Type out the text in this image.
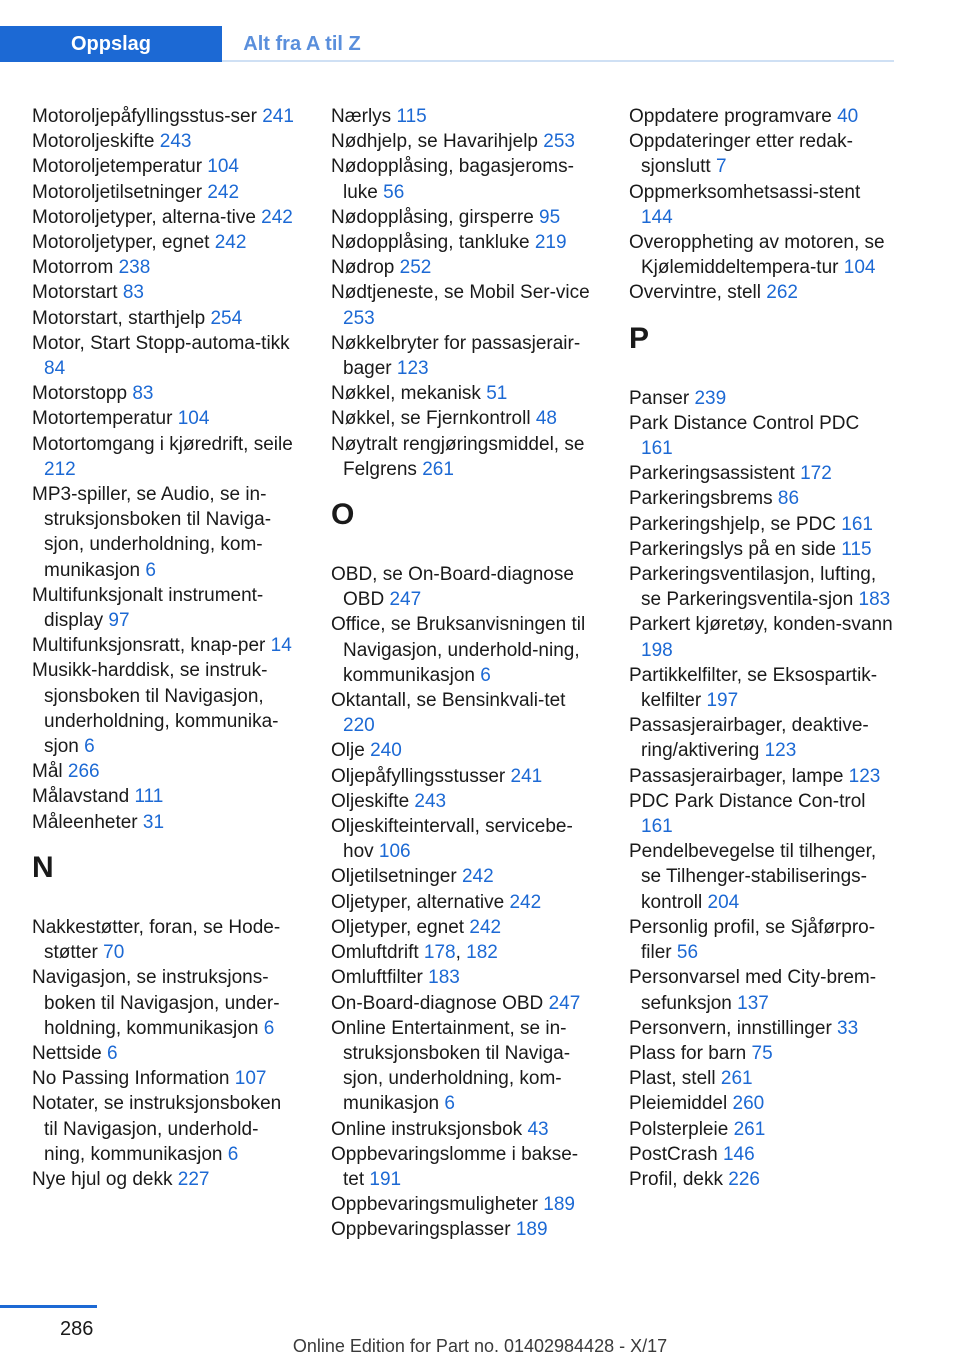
Oppslag	Alt fra A til Z
Motoroljepåfyllingsstus-ser 241
Motoroljeskifte 243
Motoroljetemperatur 104
Motoroljetilsetninger 242
Motoroljetyper, alterna-tive 242
Motoroljetyper, egnet 242
Motorrom 238
Motorstart 83
Motorstart, starthjelp 254
Motor, Start Stopp-automa-tikk 84
Motorstopp 83
Motortemperatur 104
Motortomgang i kjøredrift, seile 212
MP3-spiller, se Audio, se in-struksjonsboken til Naviga-sjon, underholdning, kom-munikasjon 6
Multifunksjonalt instrument-display 97
Multifunksjonsratt, knap-per 14
Musikk-harddisk, se instruk-sjonsboken til Navigasjon, underholdning, kommunika-sjon 6
Mål 266
Målavstand 111
Måleenheter 31
N
Nakkestøtter, foran, se Hode-støtter 70
Navigasjon, se instruksjons-boken til Navigasjon, under-holdning, kommunikasjon 6
Nettside 6
No Passing Information 107
Notater, se instruksjonsboken til Navigasjon, underhold-ning, kommunikasjon 6
Nye hjul og dekk 227
Nærlys 115
Nødhjelp, se Havarihjelp 253
Nødopplåsing, bagasjeroms-luke 56
Nødopplåsing, girsperre 95
Nødopplåsing, tankluke 219
Nødrop 252
Nødtjeneste, se Mobil Ser-vice 253
Nøkkelbryter for passasjerair-bager 123
Nøkkel, mekanisk 51
Nøkkel, se Fjernkontroll 48
Nøytralt rengjøringsmiddel, se Felgrens 261
O
OBD, se On-Board-diagnose OBD 247
Office, se Bruksanvisningen til Navigasjon, underhold-ning, kommunikasjon 6
Oktantall, se Bensinkvali-tet 220
Olje 240
Oljepåfyllingsstusser 241
Oljeskifte 243
Oljeskifteintervall, servicebe-hov 106
Oljetilsetninger 242
Oljetyper, alternative 242
Oljetyper, egnet 242
Omluftdrift 178, 182
Omluftfilter 183
On-Board-diagnose OBD 247
Online Entertainment, se in-struksjonsboken til Naviga-sjon, underholdning, kom-munikasjon 6
Online instruksjonsbok 43
Oppbevaringslomme i bakse-tet 191
Oppbevaringsmuligheter 189
Oppbevaringsplasser 189
Oppdatere programvare 40
Oppdateringer etter redak-sjonslutt 7
Oppmerksomhetsassi-stent 144
Overoppheting av motoren, se Kjølemiddeltempera-tur 104
Overvintre, stell 262
P
Panser 239
Park Distance Control PDC 161
Parkeringsassistent 172
Parkeringsbrems 86
Parkeringshjelp, se PDC 161
Parkeringslys på en side 115
Parkeringsventilasjon, lufting, se Parkeringsventila-sjon 183
Parkert kjøretøy, konden-svann 198
Partikkelfilter, se Eksospartik-kelfilter 197
Passasjerairbager, deaktive-ring/aktivering 123
Passasjerairbager, lampe 123
PDC Park Distance Con-trol 161
Pendelbevegelse til tilhenger, se Tilhenger-stabiliserings-kontroll 204
Personlig profil, se Sjåførpro-filer 56
Personvarsel med City-brem-sefunksjon 137
Personvern, innstillinger 33
Plass for barn 75
Plast, stell 261
Pleiemiddel 260
Polsterpleie 261
PostCrash 146
Profil, dekk 226
286
Online Edition for Part no. 01402984428 - X/17
